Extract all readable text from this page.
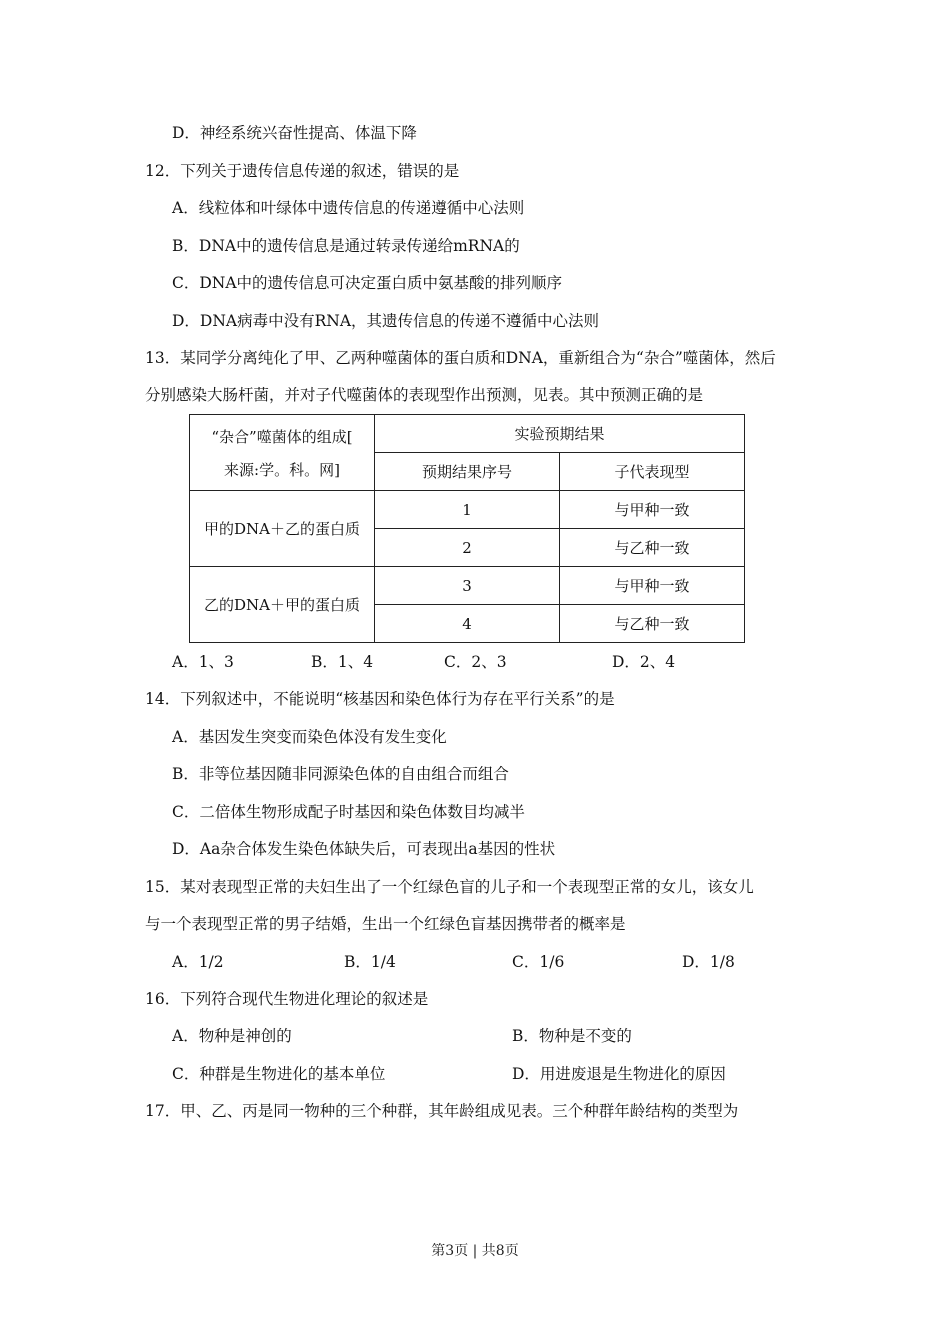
D．神经系统兴奋性提高、体温下降
12．下列关于遗传信息传递的叙述，错误的是
A．线粒体和叶绿体中遗传信息的传递遵循中心法则
B．DNA中的遗传信息是通过转录传递给mRNA的
C．DNA中的遗传信息可决定蛋白质中氨基酸的排列顺序
D．DNA病毒中没有RNA，其遗传信息的传递不遵循中心法则
13．某同学分离纯化了甲、乙两种噬菌体的蛋白质和DNA，重新组合为“杂合”噬菌体，然后
分别感染大肠杆菌，并对子代噬菌体的表现型作出预测，见表。其中预测正确的是
“杂合”噬菌体的组成[
来源:学。科。网]	实验预期结果	
	预期结果序号	子代表现型
甲的DNA＋乙的蛋白质	1	与甲种一致
	2	与乙种一致
乙的DNA＋甲的蛋白质	3	与甲种一致
	4	与乙种一致
A．1、3	B．1、4	C．2、3	D．2、4
14．下列叙述中，不能说明“核基因和染色体行为存在平行关系”的是
A．基因发生突变而染色体没有发生变化
B．非等位基因随非同源染色体的自由组合而组合
C．二倍体生物形成配子时基因和染色体数目均减半
D．Aa杂合体发生染色体缺失后，可表现出a基因的性状
15．某对表现型正常的夫妇生出了一个红绿色盲的儿子和一个表现型正常的女儿，该女儿
与一个表现型正常的男子结婚，生出一个红绿色盲基因携带者的概率是
A．1/2	B．1/4	C．1/6	D．1/8
16．下列符合现代生物进化理论的叙述是
A．物种是神创的	B．物种是不变的
C．种群是生物进化的基本单位	D．用进废退是生物进化的原因
17．甲、乙、丙是同一物种的三个种群，其年龄组成见表。三个种群年龄结构的类型为
第3页 | 共8页
